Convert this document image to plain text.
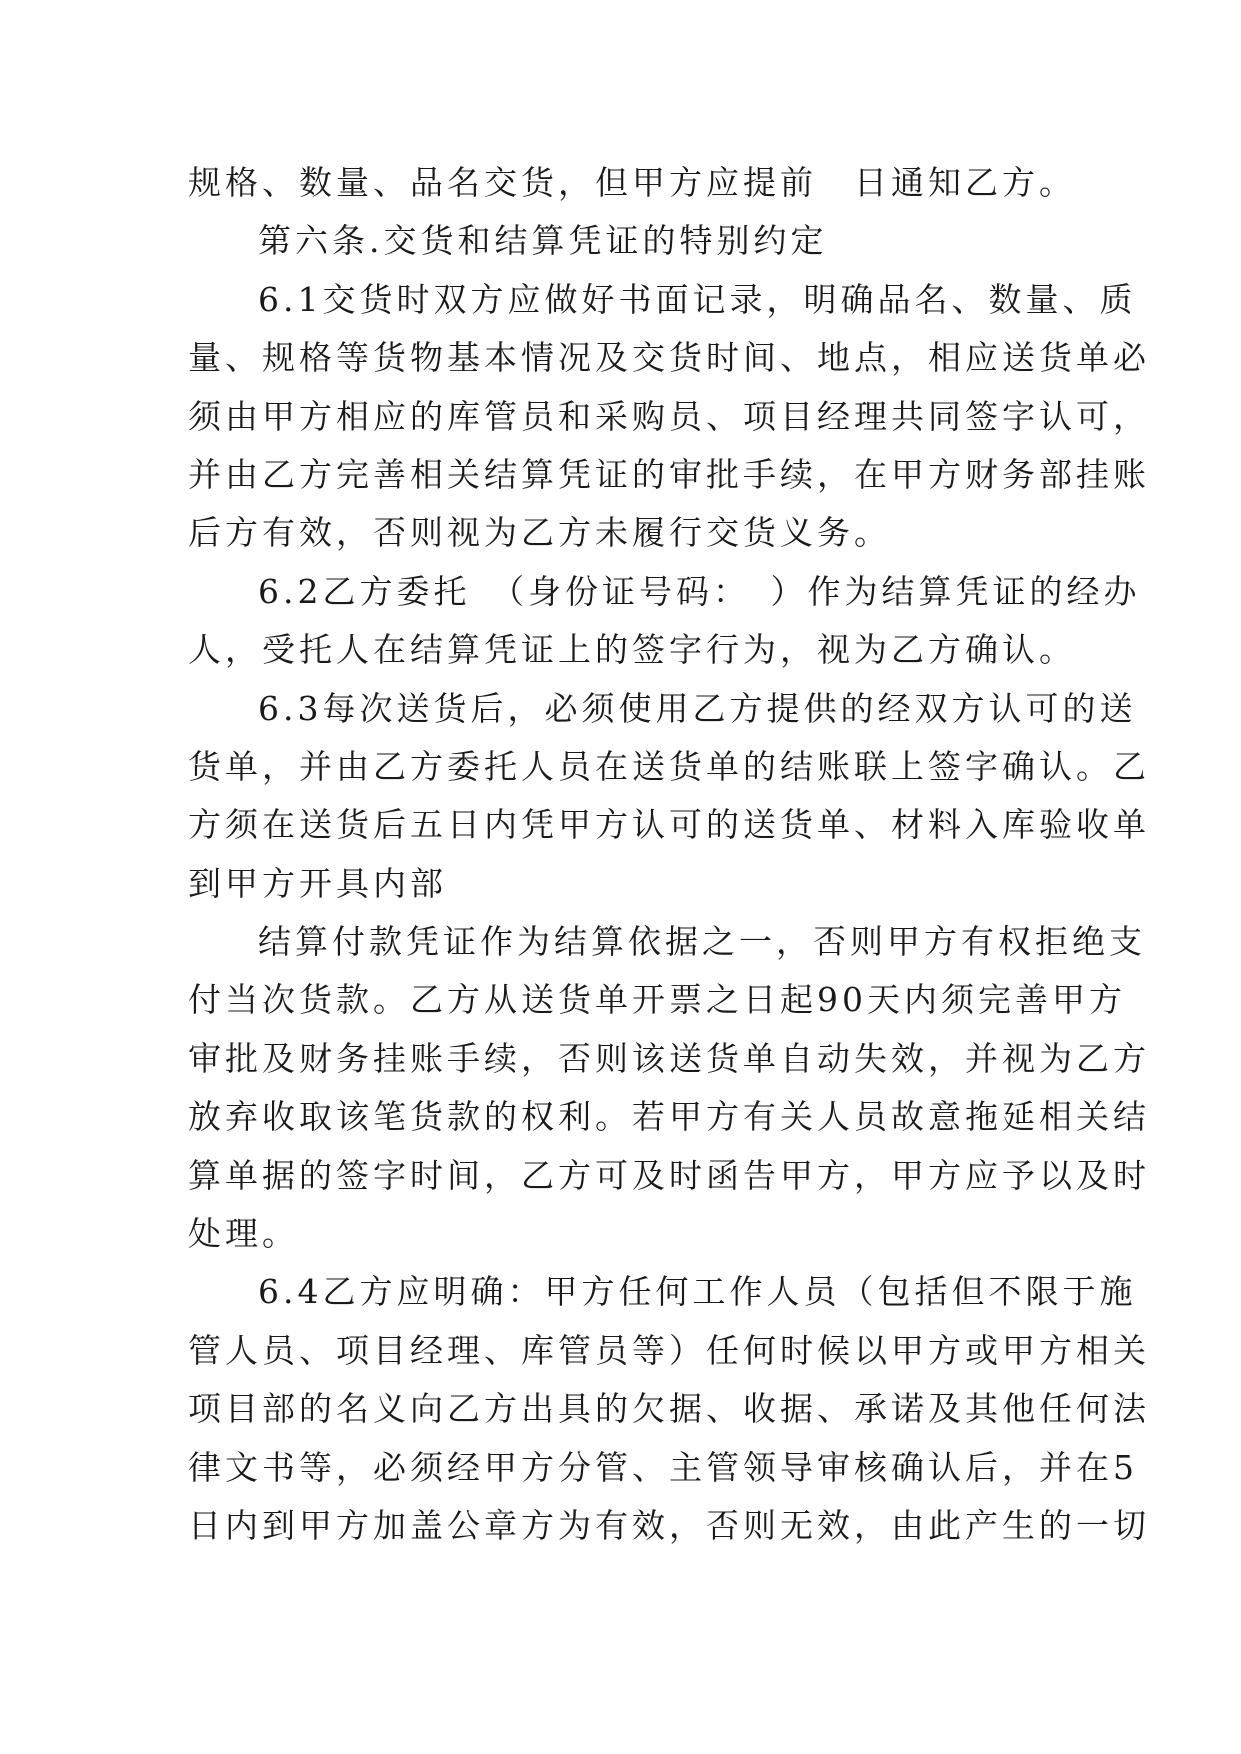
规格、数量、品名交货，但甲方应提前　日通知乙方。
第六条.交货和结算凭证的特别约定
6.1交货时双方应做好书面记录，明确品名、数量、质
量、规格等货物基本情况及交货时间、地点，相应送货单必
须由甲方相应的库管员和采购员、项目经理共同签字认可，
并由乙方完善相关结算凭证的审批手续，在甲方财务部挂账
后方有效，否则视为乙方未履行交货义务。
6.2乙方委托　（身份证号码：　）作为结算凭证的经办
人，受托人在结算凭证上的签字行为，视为乙方确认。
6.3每次送货后，必须使用乙方提供的经双方认可的送
货单，并由乙方委托人员在送货单的结账联上签字确认。乙
方须在送货后五日内凭甲方认可的送货单、材料入库验收单
到甲方开具内部
结算付款凭证作为结算依据之一，否则甲方有权拒绝支
付当次货款。乙方从送货单开票之日起90天内须完善甲方
审批及财务挂账手续，否则该送货单自动失效，并视为乙方
放弃收取该笔货款的权利。若甲方有关人员故意拖延相关结
算单据的签字时间，乙方可及时函告甲方，甲方应予以及时
处理。
6.4乙方应明确：甲方任何工作人员（包括但不限于施
管人员、项目经理、库管员等）任何时候以甲方或甲方相关
项目部的名义向乙方出具的欠据、收据、承诺及其他任何法
律文书等，必须经甲方分管、主管领导审核确认后，并在5
日内到甲方加盖公章方为有效，否则无效，由此产生的一切
